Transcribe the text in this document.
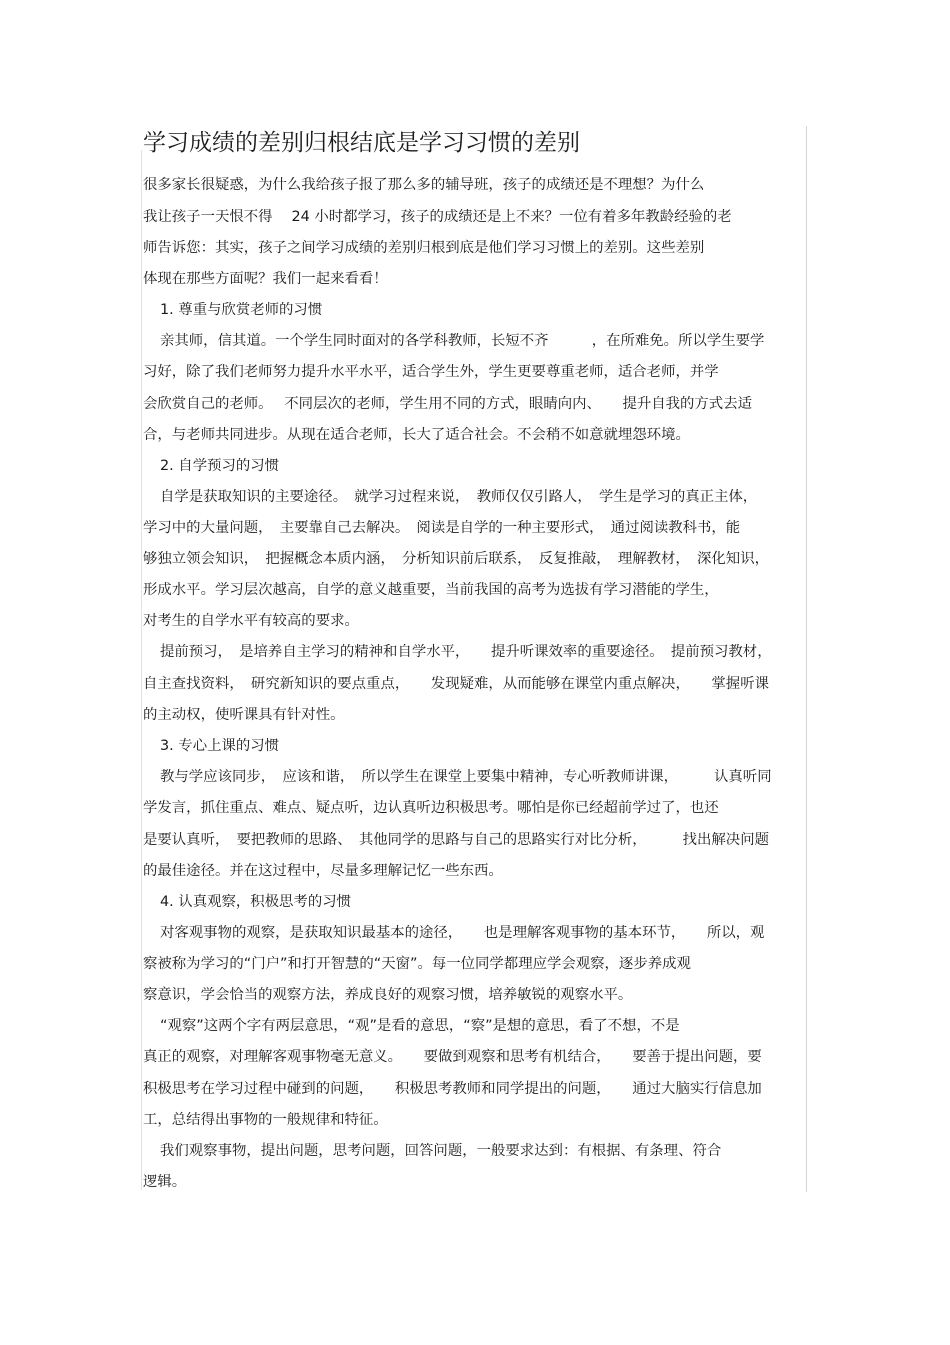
学习成绩的差别归根结底是学习习惯的差别
很多家长很疑惑，为什么我给孩子报了那么多的辅导班，孩子的成绩还是不理想？为什么
我让孩子一天恨不得　 24 小时都学习，孩子的成绩还是上不来？一位有着多年教龄经验的老
师告诉您：其实，孩子之间学习成绩的差别归根到底是他们学习习惯上的差别。这些差别
体现在那些方面呢？我们一起来看看！
1. 尊重与欣赏老师的习惯
亲其师，信其道。一个学生同时面对的各学科教师，长短不齐　　　，在所难免。所以学生要学
习好，除了我们老师努力提升水平水平，适合学生外，学生更要尊重老师，适合老师，并学
会欣赏自己的老师。　 不同层次的老师，学生用不同的方式，眼睛向内、　　提升自我的方式去适
合，与老师共同进步。从现在适合老师，长大了适合社会。不会稍不如意就埋怨环境。
2. 自学预习的习惯
自学是获取知识的主要途径。　就学习过程来说，　教师仅仅引路人，　学生是学习的真正主体，
学习中的大量问题，　主要靠自己去解决。　阅读是自学的一种主要形式，　通过阅读教科书，能
够独立领会知识，　把握概念本质内涵，　分析知识前后联系，　反复推敲，　理解教材，　深化知识，
形成水平。学习层次越高，自学的意义越重要，当前我国的高考为选拔有学习潜能的学生，
对考生的自学水平有较高的要求。
提前预习，　是培养自主学习的精神和自学水平，　　提升听课效率的重要途径。　提前预习教材，
自主查找资料，　研究新知识的要点重点，　　发现疑难，从而能够在课堂内重点解决，　　掌握听课
的主动权，使听课具有针对性。
3. 专心上课的习惯
教与学应该同步，　应该和谐，　所以学生在课堂上要集中精神，专心听教师讲课，　　　认真听同
学发言，抓住重点、难点、疑点听，边认真听边积极思考。哪怕是你已经超前学过了，也还
是要认真听，　要把教师的思路、　其他同学的思路与自己的思路实行对比分析，　　　找出解决问题
的最佳途径。并在这过程中，尽量多理解记忆一些东西。
4. 认真观察，积极思考的习惯
对客观事物的观察，是获取知识最基本的途径，　　也是理解客观事物的基本环节，　　所以，观
察被称为学习的“门户”和打开智慧的“天窗”。每一位同学都理应学会观察，逐步养成观
察意识，学会恰当的观察方法，养成良好的观察习惯，培养敏锐的观察水平。
“观察”这两个字有两层意思，“观”是看的意思，“察”是想的意思，看了不想，不是
真正的观察，对理解客观事物毫无意义。　　要做到观察和思考有机结合，　　要善于提出问题，要
积极思考在学习过程中碰到的问题，　　积极思考教师和同学提出的问题，　　通过大脑实行信息加
工，总结得出事物的一般规律和特征。
我们观察事物，提出问题，思考问题，回答问题，一般要求达到：有根据、有条理、符合
逻辑。
